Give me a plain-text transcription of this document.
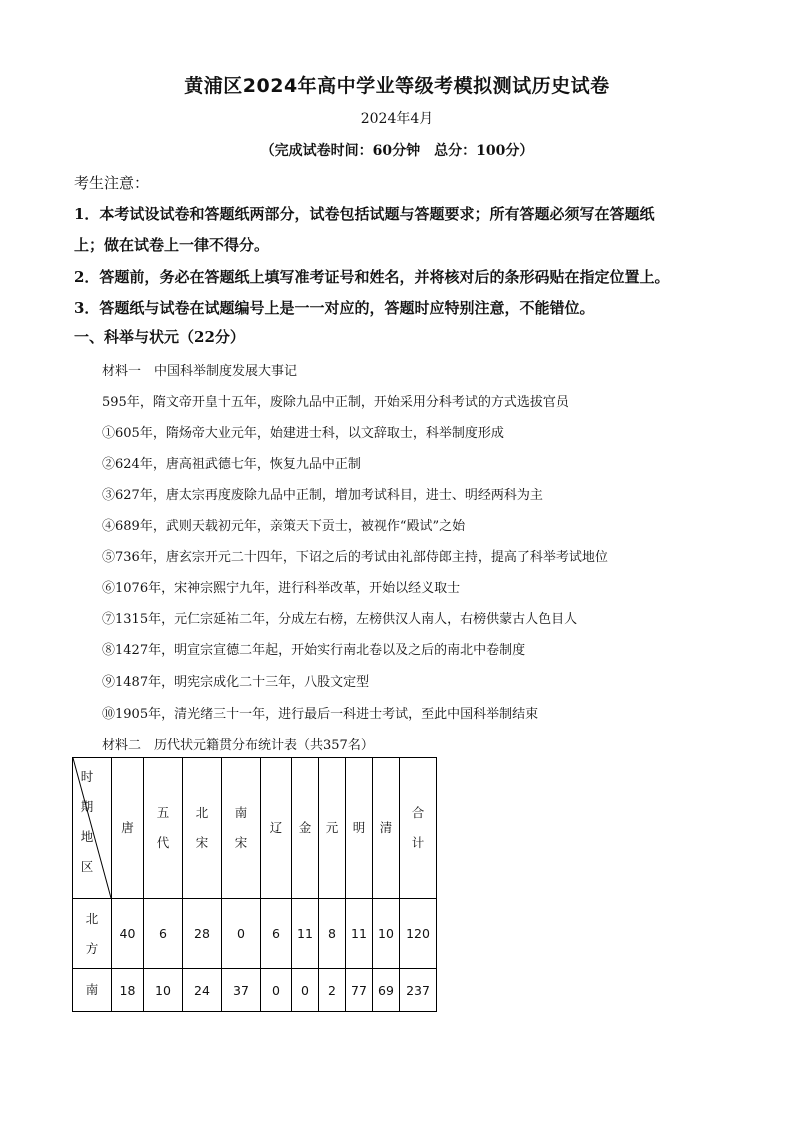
黄浦区2024年高中学业等级考模拟测试历史试卷
2024年4月
（完成试卷时间：60分钟　总分：100分）
考生注意：
1．本考试设试卷和答题纸两部分，试卷包括试题与答题要求；所有答题必须写在答题纸
上；做在试卷上一律不得分。
2．答题前，务必在答题纸上填写准考证号和姓名，并将核对后的条形码贴在指定位置上。
3．答题纸与试卷在试题编号上是一一对应的，答题时应特别注意，不能错位。
一、科举与状元（22分）
材料一　中国科举制度发展大事记
595年，隋文帝开皇十五年，废除九品中正制，开始采用分科考试的方式选拔官员
①605年，隋炀帝大业元年，始建进士科，以文辞取士，科举制度形成
②624年，唐高祖武德七年，恢复九品中正制
③627年，唐太宗再度废除九品中正制，增加考试科目，进士、明经两科为主
④689年，武则天载初元年，亲策天下贡士，被视作“殿试”之始
⑤736年，唐玄宗开元二十四年，下诏之后的考试由礼部侍郎主持，提高了科举考试地位
⑥1076年，宋神宗熙宁九年，进行科举改革，开始以经义取士
⑦1315年，元仁宗延祐二年，分成左右榜，左榜供汉人南人，右榜供蒙古人色目人
⑧1427年，明宣宗宣德二年起，开始实行南北卷以及之后的南北中卷制度
⑨1487年，明宪宗成化二十三年，八股文定型
⑩1905年，清光绪三十一年，进行最后一科进士考试，至此中国科举制结束
材料二　历代状元籍贯分布统计表（共357名）
时期地区	唐	五代	北宋	南宋	辽	金	元	明	清	合计
北方	40	6	28	0	6	11	8	11	10	120
南	18	10	24	37	0	0	2	77	69	237
